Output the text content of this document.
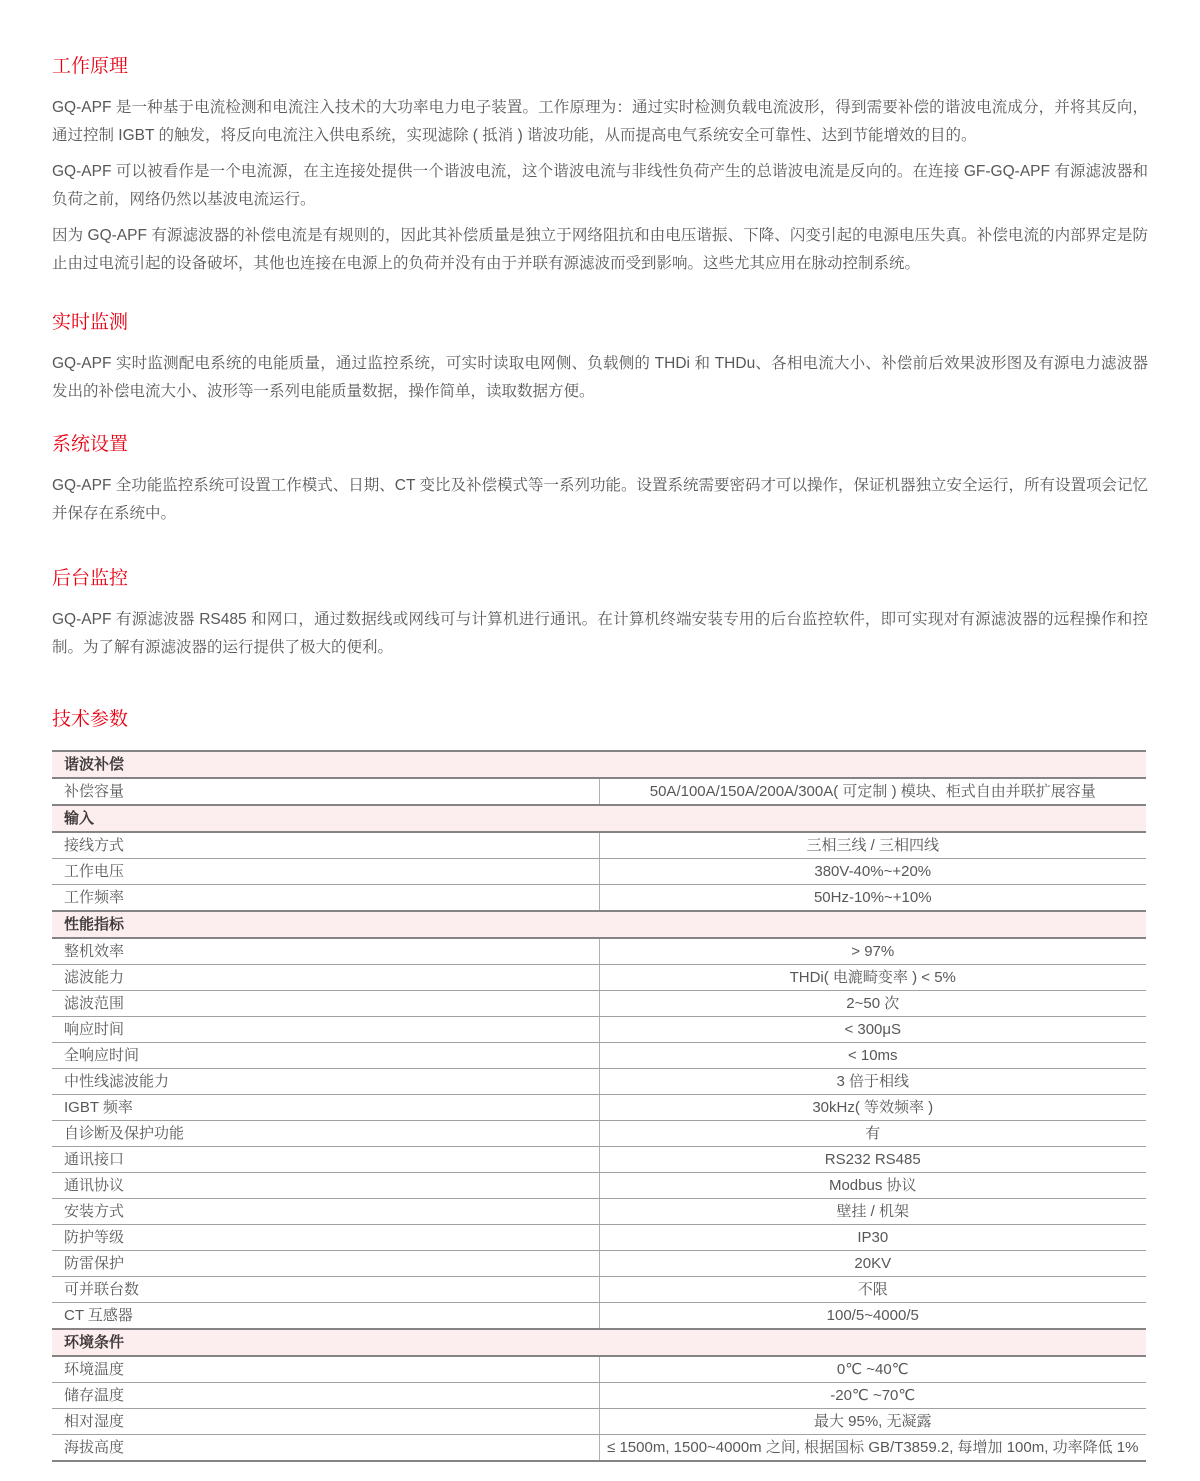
工作原理

GQ-APF 是一种基于电流检测和电流注入技术的大功率电力电子装置。工作原理为：通过实时检测负载电流波形，得到需要补偿的谐波电流成分，并将其反向，通过控制 IGBT 的触发，将反向电流注入供电系统，实现滤除 ( 抵消 ) 谐波功能，从而提高电气系统安全可靠性、达到节能增效的目的。

GQ-APF 可以被看作是一个电流源，在主连接处提供一个谐波电流，这个谐波电流与非线性负荷产生的总谐波电流是反向的。在连接 GF-GQ-APF 有源滤波器和负荷之前，网络仍然以基波电流运行。

因为 GQ-APF 有源滤波器的补偿电流是有规则的，因此其补偿质量是独立于网络阻抗和由电压谐振、下降、闪变引起的电源电压失真。补偿电流的内部界定是防止由过电流引起的设备破坏，其他也连接在电源上的负荷并没有由于并联有源滤波而受到影响。这些尤其应用在脉动控制系统。

实时监测

GQ-APF 实时监测配电系统的电能质量，通过监控系统，可实时读取电网侧、负载侧的 THDi 和 THDu、各相电流大小、补偿前后效果波形图及有源电力滤波器发出的补偿电流大小、波形等一系列电能质量数据，操作简单，读取数据方便。

系统设置

GQ-APF 全功能监控系统可设置工作模式、日期、CT 变比及补偿模式等一系列功能。设置系统需要密码才可以操作，保证机器独立安全运行，所有设置项会记忆并保存在系统中。

后台监控

GQ-APF 有源滤波器 RS485 和网口，通过数据线或网线可与计算机进行通讯。在计算机终端安装专用的后台监控软件，即可实现对有源滤波器的远程操作和控制。为了解有源滤波器的运行提供了极大的便利。

技术参数
谐波补偿	
补偿容量	50A/100A/150A/200A/300A( 可定制 ) 模块、柜式自由并联扩展容量
输入	
接线方式	三相三线 / 三相四线
工作电压	380V-40%~+20%
工作频率	50Hz-10%~+10%
性能指标	
整机效率	> 97%
滤波能力	THDi( 电漉畸变率 ) < 5%
滤波范围	2~50 次
响应时间	< 300μS
全响应时间	< 10ms
中性线滤波能力	3 倍于相线
IGBT 频率	30kHz( 等效频率 )
自诊断及保护功能	有
通讯接口	RS232 RS485
通讯协议	Modbus 协议
安装方式	壁挂 / 机架
防护等级	IP30
防雷保护	20KV
可并联台数	不限
CT 互感器	100/5~4000/5
环境条件	
环境温度	0℃ ~40℃
储存温度	-20℃ ~70℃
相对湿度	最大 95%, 无凝露
海拔高度	≤ 1500m, 1500~4000m 之间, 根据国标 GB/T3859.2, 每增加 100m, 功率降低 1%
